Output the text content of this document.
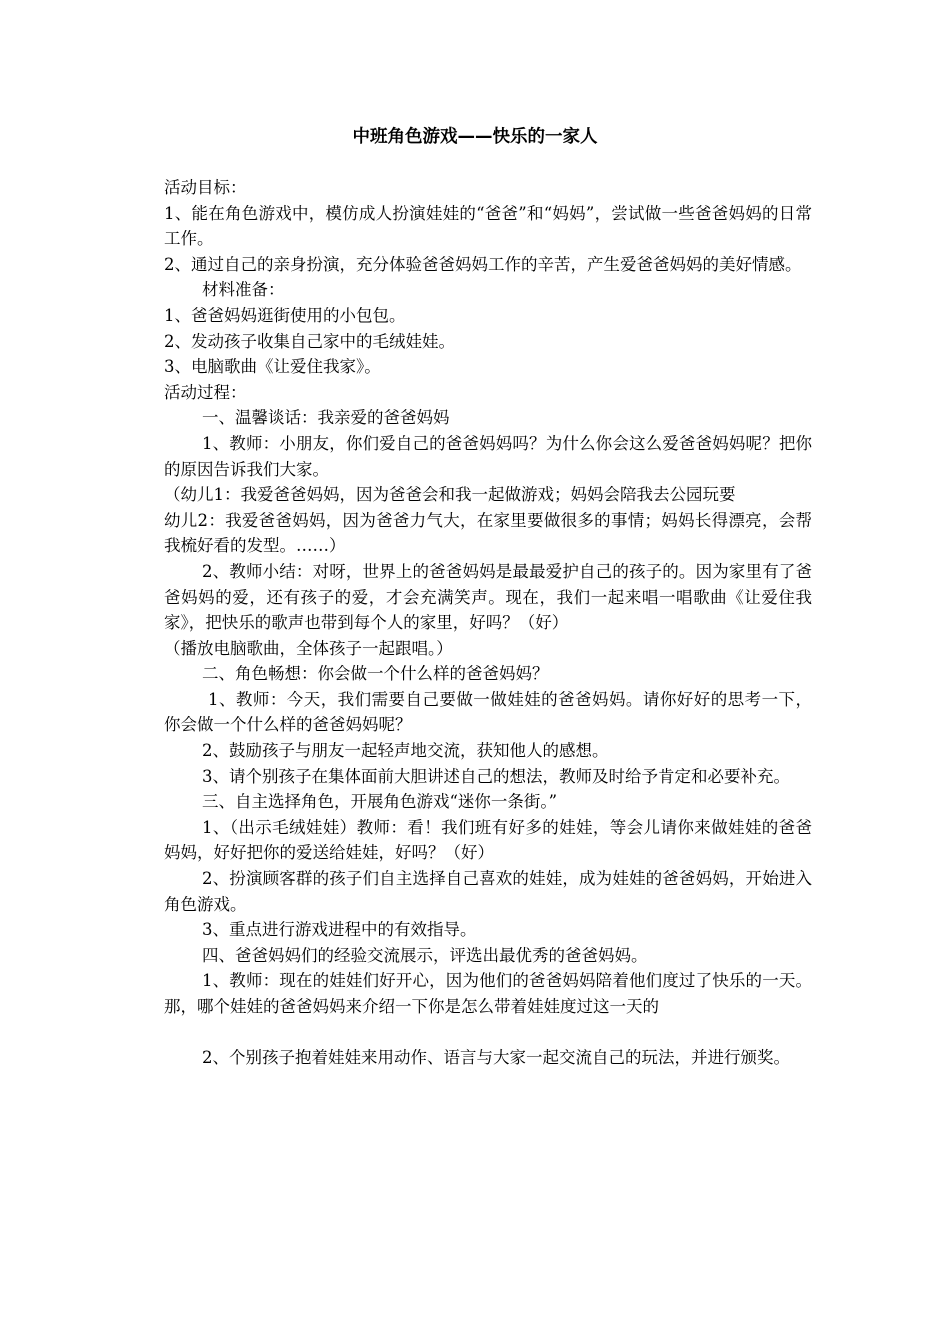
中班角色游戏——快乐的一家人

活动目标：

1、能在角色游戏中，模仿成人扮演娃娃的“爸爸”和“妈妈”，尝试做一些爸爸妈妈的日常工作。

2、通过自己的亲身扮演，充分体验爸爸妈妈工作的辛苦，产生爱爸爸妈妈的美好情感。

材料准备：

1、爸爸妈妈逛街使用的小包包。

2、发动孩子收集自己家中的毛绒娃娃。

3、电脑歌曲《让爱住我家》。

活动过程：

一、温馨谈话：我亲爱的爸爸妈妈

1、教师：小朋友，你们爱自己的爸爸妈妈吗？为什么你会这么爱爸爸妈妈呢？把你的原因告诉我们大家。

（幼儿1：我爱爸爸妈妈，因为爸爸会和我一起做游戏；妈妈会陪我去公园玩要

幼儿2：我爱爸爸妈妈，因为爸爸力气大，在家里要做很多的事情；妈妈长得漂亮，会帮我梳好看的发型。……）

2、教师小结：对呀，世界上的爸爸妈妈是最最爱护自己的孩子的。因为家里有了爸爸妈妈的爱，还有孩子的爱，才会充满笑声。现在，我们一起来唱一唱歌曲《让爱住我家》，把快乐的歌声也带到每个人的家里，好吗？（好）

（播放电脑歌曲，全体孩子一起跟唱。）

二、角色畅想：你会做一个什么样的爸爸妈妈？

1、教师：今天，我们需要自己要做一做娃娃的爸爸妈妈。请你好好的思考一下，你会做一个什么样的爸爸妈妈呢？

2、鼓励孩子与朋友一起轻声地交流，获知他人的感想。

3、请个别孩子在集体面前大胆讲述自己的想法，教师及时给予肯定和必要补充。

三、自主选择角色，开展角色游戏“迷你一条街。”

1、（出示毛绒娃娃）教师：看！我们班有好多的娃娃，等会儿请你来做娃娃的爸爸妈妈，好好把你的爱送给娃娃，好吗？（好）

2、扮演顾客群的孩子们自主选择自己喜欢的娃娃，成为娃娃的爸爸妈妈，开始进入角色游戏。

3、重点进行游戏进程中的有效指导。

四、爸爸妈妈们的经验交流展示，评选出最优秀的爸爸妈妈。

1、教师：现在的娃娃们好开心，因为他们的爸爸妈妈陪着他们度过了快乐的一天。那，哪个娃娃的爸爸妈妈来介绍一下你是怎么带着娃娃度过这一天的

2、个别孩子抱着娃娃来用动作、语言与大家一起交流自己的玩法，并进行颁奖。
